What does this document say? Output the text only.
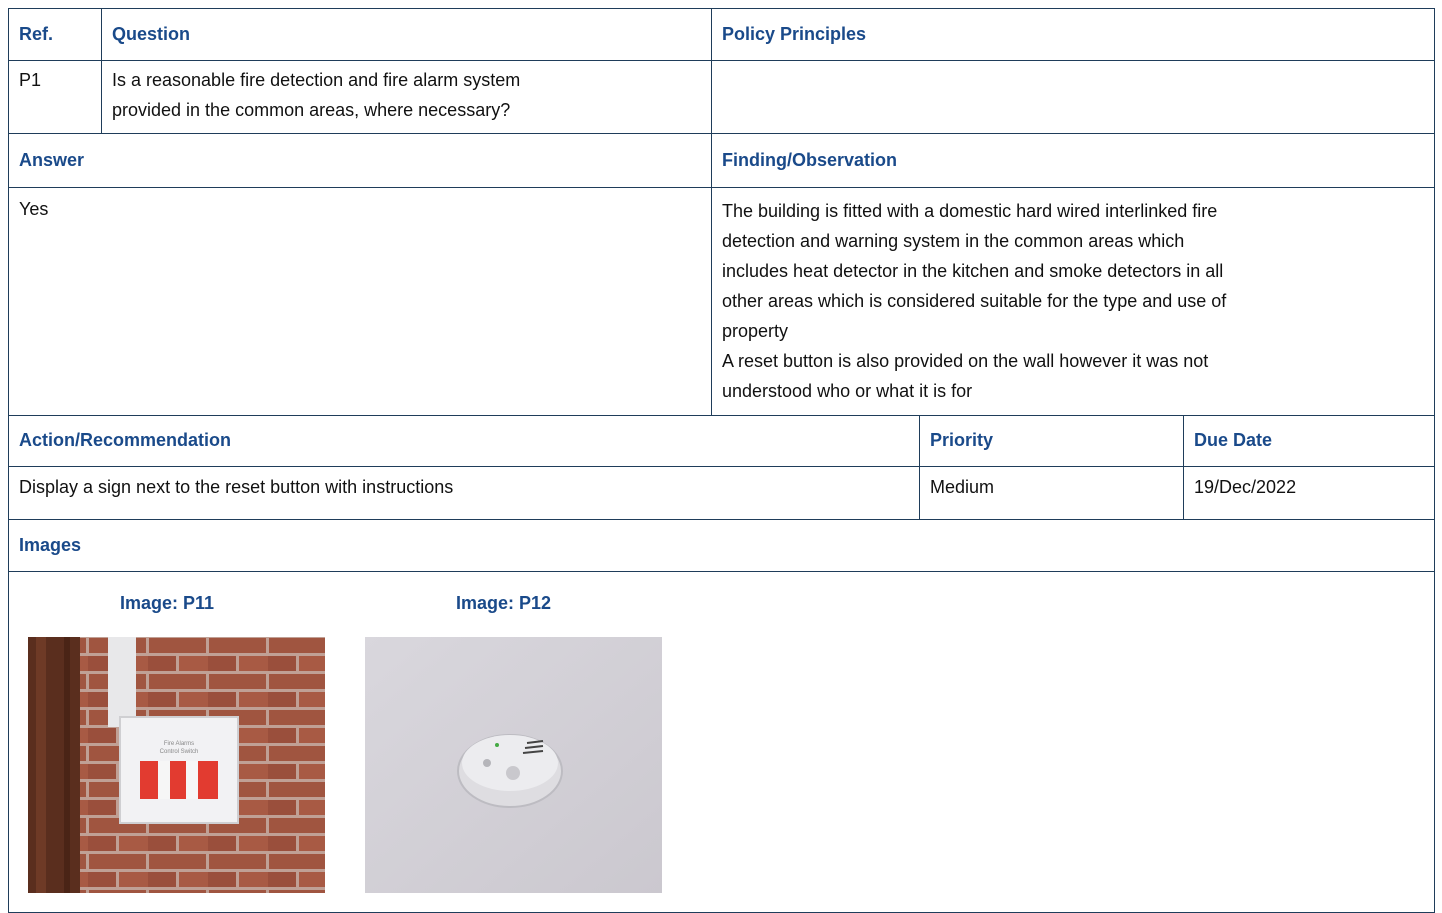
Ref.	Question	Policy Principles
P1	Is a reasonable fire detection and fire alarm system
provided in the common areas, where necessary?
Answer	Finding/Observation
Yes	The building is fitted with a domestic hard wired interlinked fire
detection and warning system in the common areas which
includes heat detector in the kitchen and smoke detectors in all
other areas which is considered suitable for the type and use of
property
A reset button is also provided on the wall however it was not
understood who or what it is for
Action/Recommendation	Priority	Due Date
Display a sign next to the reset button with instructions	Medium	19/Dec/2022
Images
Image: P11	Image: P12
Fire Alarms
Control Switch
